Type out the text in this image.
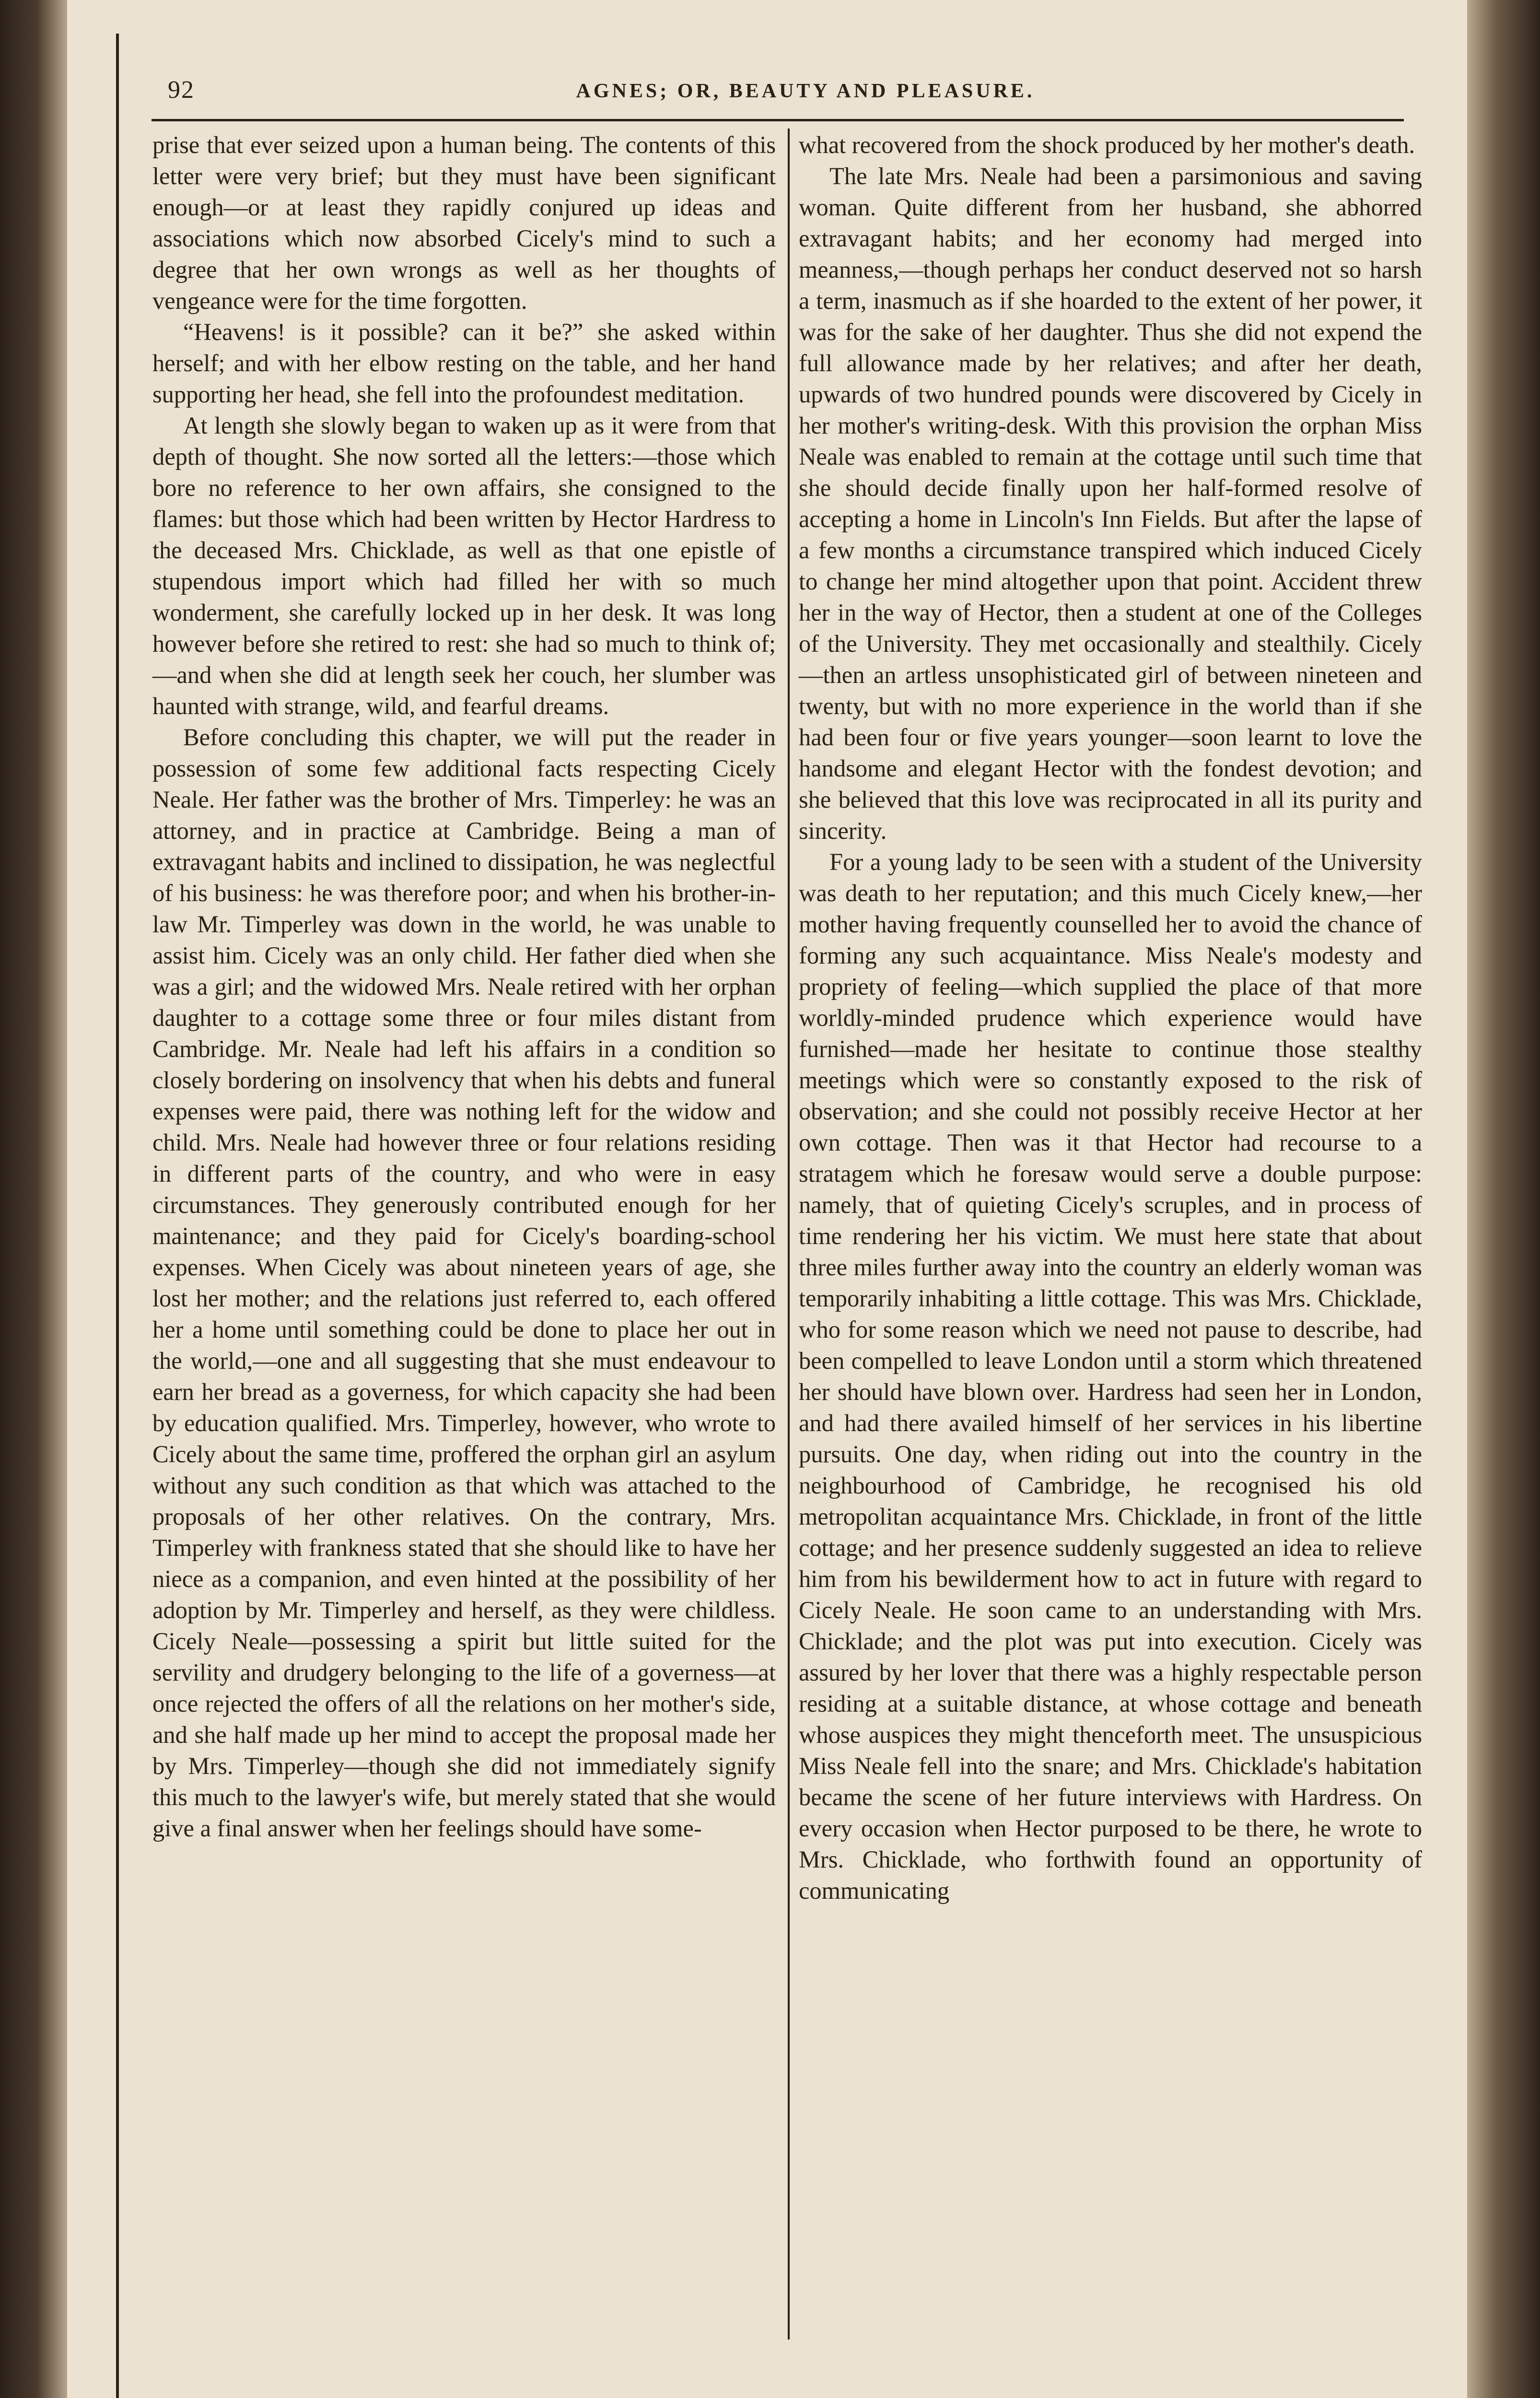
92	AGNES; OR, BEAUTY AND PLEASURE.

prise that ever seized upon a human being. The contents of this letter were very brief; but they must have been significant enough—or at least they rapidly conjured up ideas and associations which now absorbed Cicely's mind to such a degree that her own wrongs as well as her thoughts of vengeance were for the time forgotten.

“Heavens! is it possible? can it be?” she asked within herself; and with her elbow resting on the table, and her hand supporting her head, she fell into the profoundest meditation.

At length she slowly began to waken up as it were from that depth of thought. She now sorted all the letters:—those which bore no reference to her own affairs, she consigned to the flames: but those which had been written by Hector Hardress to the deceased Mrs. Chicklade, as well as that one epistle of stupendous import which had filled her with so much wonderment, she carefully locked up in her desk. It was long however before she retired to rest: she had so much to think of;—and when she did at length seek her couch, her slumber was haunted with strange, wild, and fearful dreams.

Before concluding this chapter, we will put the reader in possession of some few additional facts respecting Cicely Neale. Her father was the brother of Mrs. Timperley: he was an attorney, and in practice at Cambridge. Being a man of extravagant habits and inclined to dissipation, he was neglectful of his business: he was therefore poor; and when his brother-in-law Mr. Timperley was down in the world, he was unable to assist him. Cicely was an only child. Her father died when she was a girl; and the widowed Mrs. Neale retired with her orphan daughter to a cottage some three or four miles distant from Cambridge. Mr. Neale had left his affairs in a condition so closely bordering on insolvency that when his debts and funeral expenses were paid, there was nothing left for the widow and child. Mrs. Neale had however three or four relations residing in different parts of the country, and who were in easy circumstances. They generously contributed enough for her maintenance; and they paid for Cicely's boarding-school expenses. When Cicely was about nineteen years of age, she lost her mother; and the relations just referred to, each offered her a home until something could be done to place her out in the world,—one and all suggesting that she must endeavour to earn her bread as a governess, for which capacity she had been by education qualified. Mrs. Timperley, however, who wrote to Cicely about the same time, proffered the orphan girl an asylum without any such condition as that which was attached to the proposals of her other relatives. On the contrary, Mrs. Timperley with frankness stated that she should like to have her niece as a companion, and even hinted at the possibility of her adoption by Mr. Timperley and herself, as they were childless. Cicely Neale—possessing a spirit but little suited for the servility and drudgery belonging to the life of a governess—at once rejected the offers of all the relations on her mother's side, and she half made up her mind to accept the proposal made her by Mrs. Timperley—though she did not immediately signify this much to the lawyer's wife, but merely stated that she would give a final answer when her feelings should have some-

what recovered from the shock produced by her mother's death.

The late Mrs. Neale had been a parsimonious and saving woman. Quite different from her husband, she abhorred extravagant habits; and her economy had merged into meanness,—though perhaps her conduct deserved not so harsh a term, inasmuch as if she hoarded to the extent of her power, it was for the sake of her daughter. Thus she did not expend the full allowance made by her relatives; and after her death, upwards of two hundred pounds were discovered by Cicely in her mother's writing-desk. With this provision the orphan Miss Neale was enabled to remain at the cottage until such time that she should decide finally upon her half-formed resolve of accepting a home in Lincoln's Inn Fields. But after the lapse of a few months a circumstance transpired which induced Cicely to change her mind altogether upon that point. Accident threw her in the way of Hector, then a student at one of the Colleges of the University. They met occasionally and stealthily. Cicely—then an artless unsophisticated girl of between nineteen and twenty, but with no more experience in the world than if she had been four or five years younger—soon learnt to love the handsome and elegant Hector with the fondest devotion; and she believed that this love was reciprocated in all its purity and sincerity.

For a young lady to be seen with a student of the University was death to her reputation; and this much Cicely knew,—her mother having frequently counselled her to avoid the chance of forming any such acquaintance. Miss Neale's modesty and propriety of feeling—which supplied the place of that more worldly-minded prudence which experience would have furnished—made her hesitate to continue those stealthy meetings which were so constantly exposed to the risk of observation; and she could not possibly receive Hector at her own cottage. Then was it that Hector had recourse to a stratagem which he foresaw would serve a double purpose: namely, that of quieting Cicely's scruples, and in process of time rendering her his victim. We must here state that about three miles further away into the country an elderly woman was temporarily inhabiting a little cottage. This was Mrs. Chicklade, who for some reason which we need not pause to describe, had been compelled to leave London until a storm which threatened her should have blown over. Hardress had seen her in London, and had there availed himself of her services in his libertine pursuits. One day, when riding out into the country in the neighbourhood of Cambridge, he recognised his old metropolitan acquaintance Mrs. Chicklade, in front of the little cottage; and her presence suddenly suggested an idea to relieve him from his bewilderment how to act in future with regard to Cicely Neale. He soon came to an understanding with Mrs. Chicklade; and the plot was put into execution. Cicely was assured by her lover that there was a highly respectable person residing at a suitable distance, at whose cottage and beneath whose auspices they might thenceforth meet. The unsuspicious Miss Neale fell into the snare; and Mrs. Chicklade's habitation became the scene of her future interviews with Hardress. On every occasion when Hector purposed to be there, he wrote to Mrs. Chicklade, who forthwith found an opportunity of communicating
